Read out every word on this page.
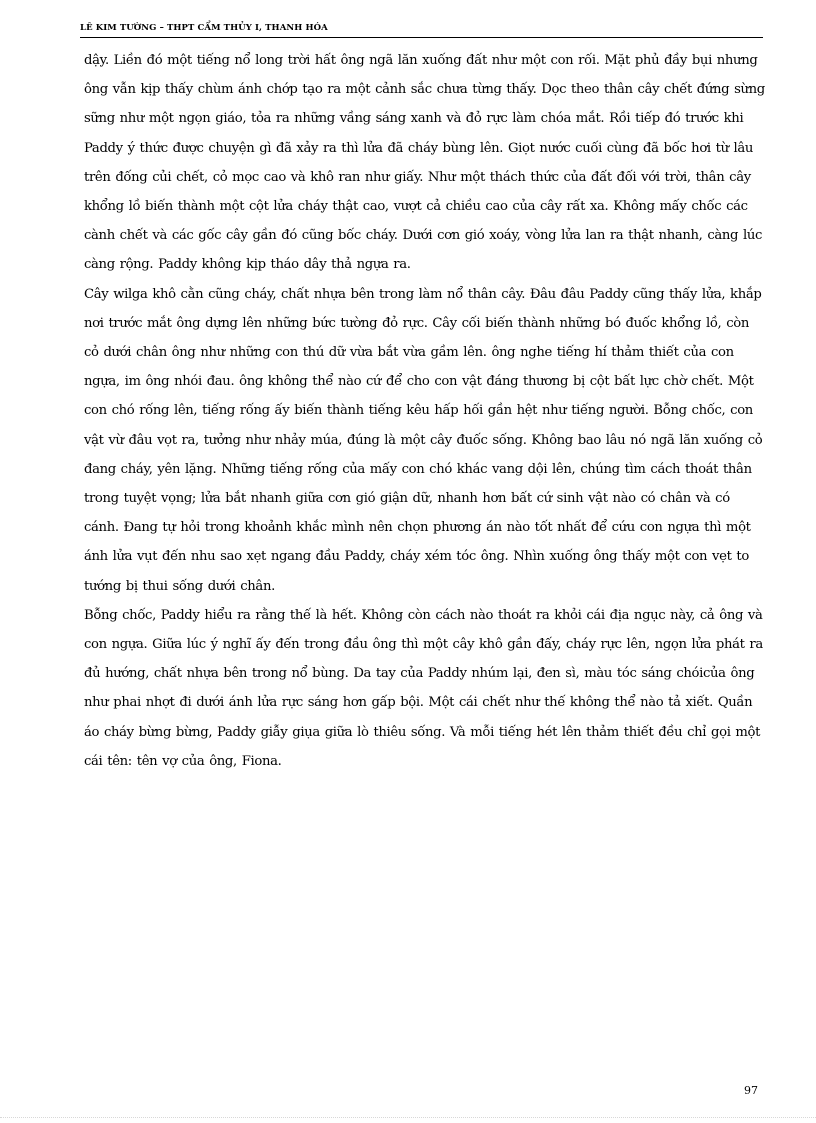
LÊ KIM TƯỜNG – THPT CẨM THỦY I, THANH HÓA

dậy. Liền đó một tiếng nổ long trời hất ông ngã lăn xuống đất như một con rối. Mặt phủ đầy bụi nhưng ông vẫn kịp thấy chùm ánh chớp tạo ra một cảnh sắc chưa từng thấy. Dọc theo thân cây chết đứng sừng sững như một ngọn giáo, tỏa ra những vầng sáng xanh và đỏ rực làm chóa mắt. Rồi tiếp đó trước khi Paddy ý thức được chuyện gì đã xảy ra thì lửa đã cháy bùng lên. Giọt nước cuối cùng đã bốc hơi từ lâu trên đống củi chết, cỏ mọc cao và khô ran như giấy. Như một thách thức của đất đối với trời, thân cây khổng lồ biến thành một cột lửa cháy thật cao, vượt cả chiều cao của cây rất xa. Không mấy chốc các cành chết và các gốc cây gần đó cũng bốc cháy. Dưới cơn gió xoáy, vòng lửa lan ra thật nhanh, càng lúc càng rộng. Paddy không kịp tháo dây thả ngựa ra.

Cây wilga khô cằn cũng cháy, chất nhựa bên trong làm nổ thân cây. Đâu đâu Paddy cũng thấy lửa, khắp nơi trước mắt ông dựng lên những bức tường đỏ rực. Cây cối biến thành những bó đuốc khổng lồ, còn cỏ dưới chân ông như những con thú dữ vừa bắt vừa gầm lên. ông nghe tiếng hí thảm thiết của con ngựa, im ông nhói đau. ông không thể nào cứ để cho con vật đáng thương bị cột bất lực chờ chết. Một con chó rống lên, tiếng rống ấy biến thành tiếng kêu hấp hối gần hệt như tiếng người. Bỗng chốc, con vật vừ đâu vọt ra, tưởng như nhảy múa, đúng là một cây đuốc sống. Không bao lâu nó ngã lăn xuống cỏ đang cháy, yên lặng. Những tiếng rống của mấy con chó khác vang dội lên, chúng tìm cách thoát thân trong tuyệt vọng; lửa bắt nhanh giữa cơn gió giận dữ, nhanh hơn bất cứ sinh vật nào có chân và có cánh. Đang tự hỏi trong khoảnh khắc mình nên chọn phương án nào tốt nhất để cứu con ngựa thì một ánh lửa vụt đến nhu sao xẹt ngang đầu Paddy, cháy xém tóc ông. Nhìn xuống ông thấy một con vẹt to tướng bị thui sống dưới chân.

Bỗng chốc, Paddy hiểu ra rằng thế là hết. Không còn cách nào thoát ra khỏi cái địa ngục này, cả ông và con ngựa. Giữa lúc ý nghĩ ấy đến trong đầu ông thì một cây khô gần đấy, cháy rực lên, ngọn lửa phát ra đủ hướng, chất nhựa bên trong nổ bùng. Da tay của Paddy nhúm lại, đen sì, màu tóc sáng chóicủa ông như phai nhợt đi dưới ánh lửa rực sáng hơn gấp bội. Một cái chết như thế không thể nào tả xiết. Quần áo cháy bừng bừng, Paddy giẫy giụa giữa lò thiêu sống. Và mỗi tiếng hét lên thảm thiết đều chỉ gọi một cái tên: tên vợ của ông, Fiona.

97
